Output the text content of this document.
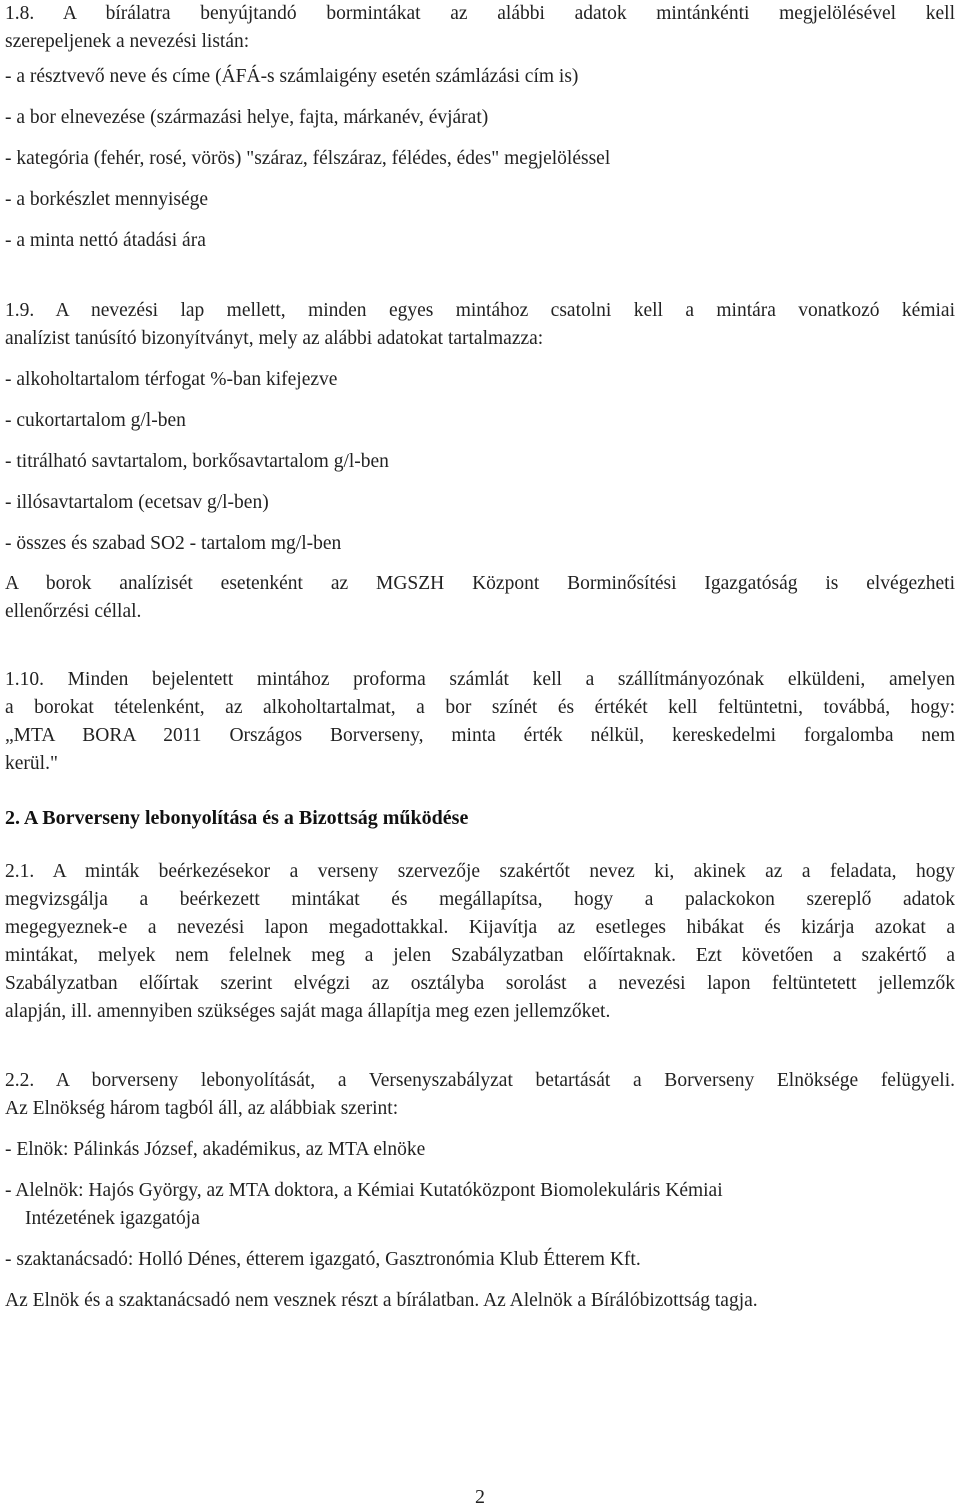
1.8. A bírálatra benyújtandó bormintákat az alábbi adatok mintánkénti megjelölésével kell
szerepeljenek a nevezési listán:
- a résztvevő neve és címe (ÁFÁ-s számlaigény esetén számlázási cím is)
- a bor elnevezése (származási helye, fajta, márkanév, évjárat)
- kategória (fehér, rosé, vörös) "száraz, félszáraz, félédes, édes" megjelöléssel
- a borkészlet mennyisége
- a minta nettó átadási ára
1.9. A nevezési lap mellett, minden egyes mintához csatolni kell a mintára vonatkozó kémiai
analízist tanúsító bizonyítványt, mely az alábbi adatokat tartalmazza:
- alkoholtartalom térfogat %-ban kifejezve
- cukortartalom g/l-ben
- titrálható savtartalom, borkősavtartalom g/l-ben
- illósavtartalom (ecetsav g/l-ben)
- összes és szabad SO2 - tartalom mg/l-ben
A borok analízisét esetenként az MGSZH Központ Borminősítési Igazgatóság is elvégezheti
ellenőrzési céllal.
1.10. Minden bejelentett mintához proforma számlát kell a szállítmányozónak elküldeni, amelyen
a borokat tételenként, az alkoholtartalmat, a bor színét és értékét kell feltüntetni, továbbá, hogy:
„MTA BORA 2011 Országos Borverseny, minta érték nélkül, kereskedelmi forgalomba nem
kerül."
2. A Borverseny lebonyolítása és a Bizottság működése
2.1. A minták beérkezésekor a verseny szervezője szakértőt nevez ki, akinek az a feladata, hogy
megvizsgálja a beérkezett mintákat és megállapítsa, hogy a palackokon szereplő adatok
megegyeznek-e a nevezési lapon megadottakkal. Kijavítja az esetleges hibákat és kizárja azokat a
mintákat, melyek nem felelnek meg a jelen Szabályzatban előírtaknak. Ezt követően a szakértő a
Szabályzatban előírtak szerint elvégzi az osztályba sorolást a nevezési lapon feltüntetett jellemzők
alapján, ill. amennyiben szükséges saját maga állapítja meg ezen jellemzőket.
2.2. A borverseny lebonyolítását, a Versenyszabályzat betartását a Borverseny Elnöksége felügyeli.
Az Elnökség három tagból áll, az alábbiak szerint:
- Elnök: Pálinkás József, akadémikus, az MTA elnöke
- Alelnök: Hajós György, az MTA doktora, a Kémiai Kutatóközpont Biomolekuláris Kémiai
Intézetének igazgatója
- szaktanácsadó: Holló Dénes, étterem igazgató, Gasztronómia Klub Étterem Kft.
Az Elnök és a szaktanácsadó nem vesznek részt a bírálatban. Az Alelnök a Bírálóbizottság tagja.
2
